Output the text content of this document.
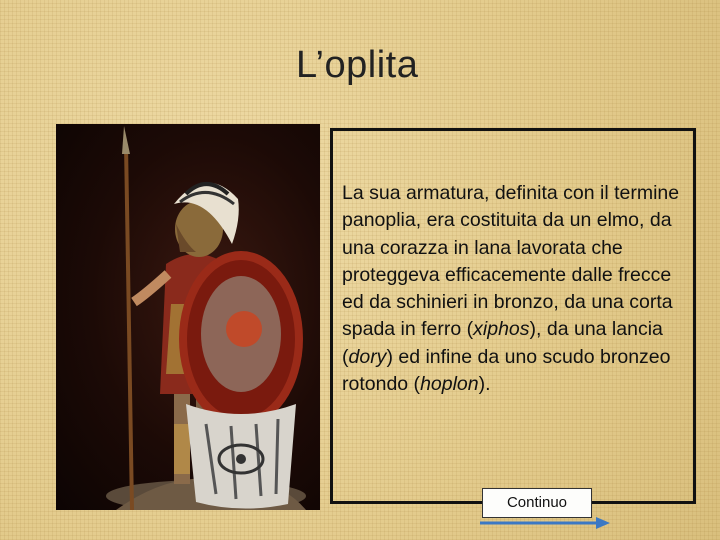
L’oplita

La sua armatura, definita con il termine panoplia, era costituita da un elmo, da una corazza in lana lavorata che proteggeva efficacemente dalle frecce ed da schinieri in bronzo, da una corta spada in ferro (xiphos), da una lancia (dory) ed infine da uno scudo bronzeo rotondo (hoplon).

Continuo
